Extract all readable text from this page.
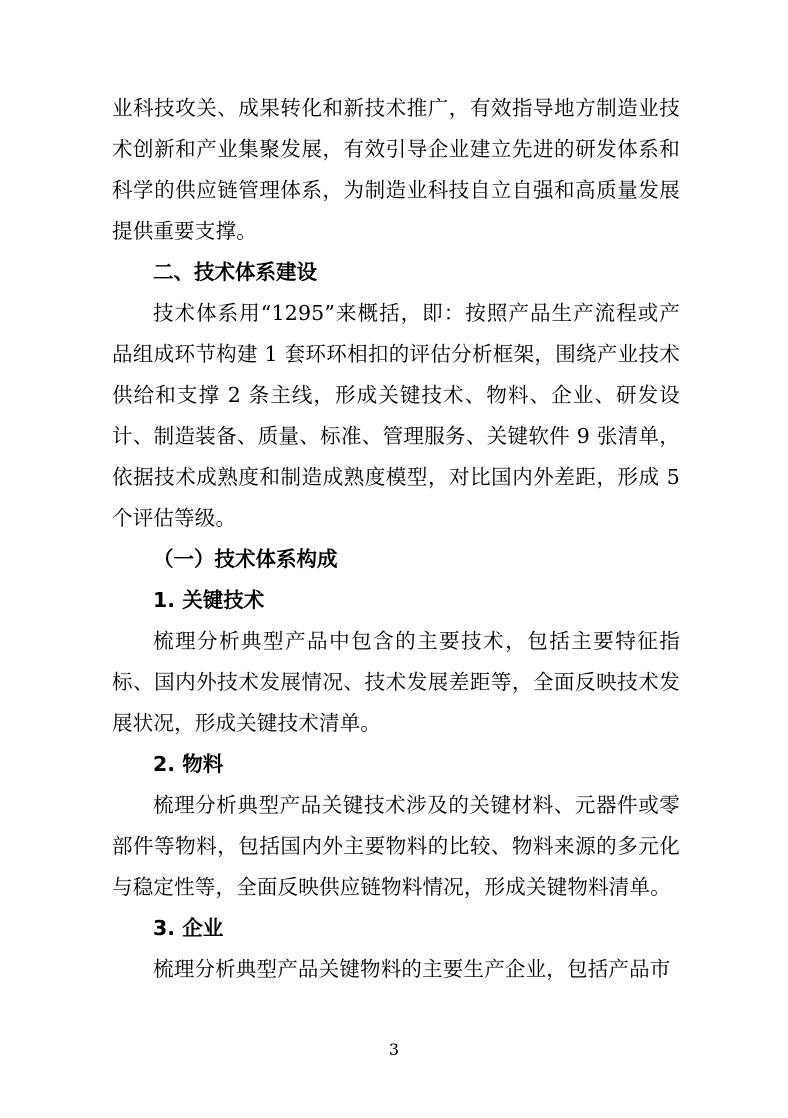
业科技攻关、成果转化和新技术推广，有效指导地方制造业技术创新和产业集聚发展，有效引导企业建立先进的研发体系和科学的供应链管理体系，为制造业科技自立自强和高质量发展提供重要支撑。

二、技术体系建设

技术体系用“1295”来概括，即：按照产品生产流程或产品组成环节构建 1 套环环相扣的评估分析框架，围绕产业技术供给和支撑 2 条主线，形成关键技术、物料、企业、研发设计、制造装备、质量、标准、管理服务、关键软件 9 张清单，依据技术成熟度和制造成熟度模型，对比国内外差距，形成 5 个评估等级。

（一）技术体系构成

1. 关键技术

梳理分析典型产品中包含的主要技术，包括主要特征指标、国内外技术发展情况、技术发展差距等，全面反映技术发展状况，形成关键技术清单。

2. 物料

梳理分析典型产品关键技术涉及的关键材料、元器件或零部件等物料，包括国内外主要物料的比较、物料来源的多元化与稳定性等，全面反映供应链物料情况，形成关键物料清单。

3. 企业

梳理分析典型产品关键物料的主要生产企业，包括产品市

3
